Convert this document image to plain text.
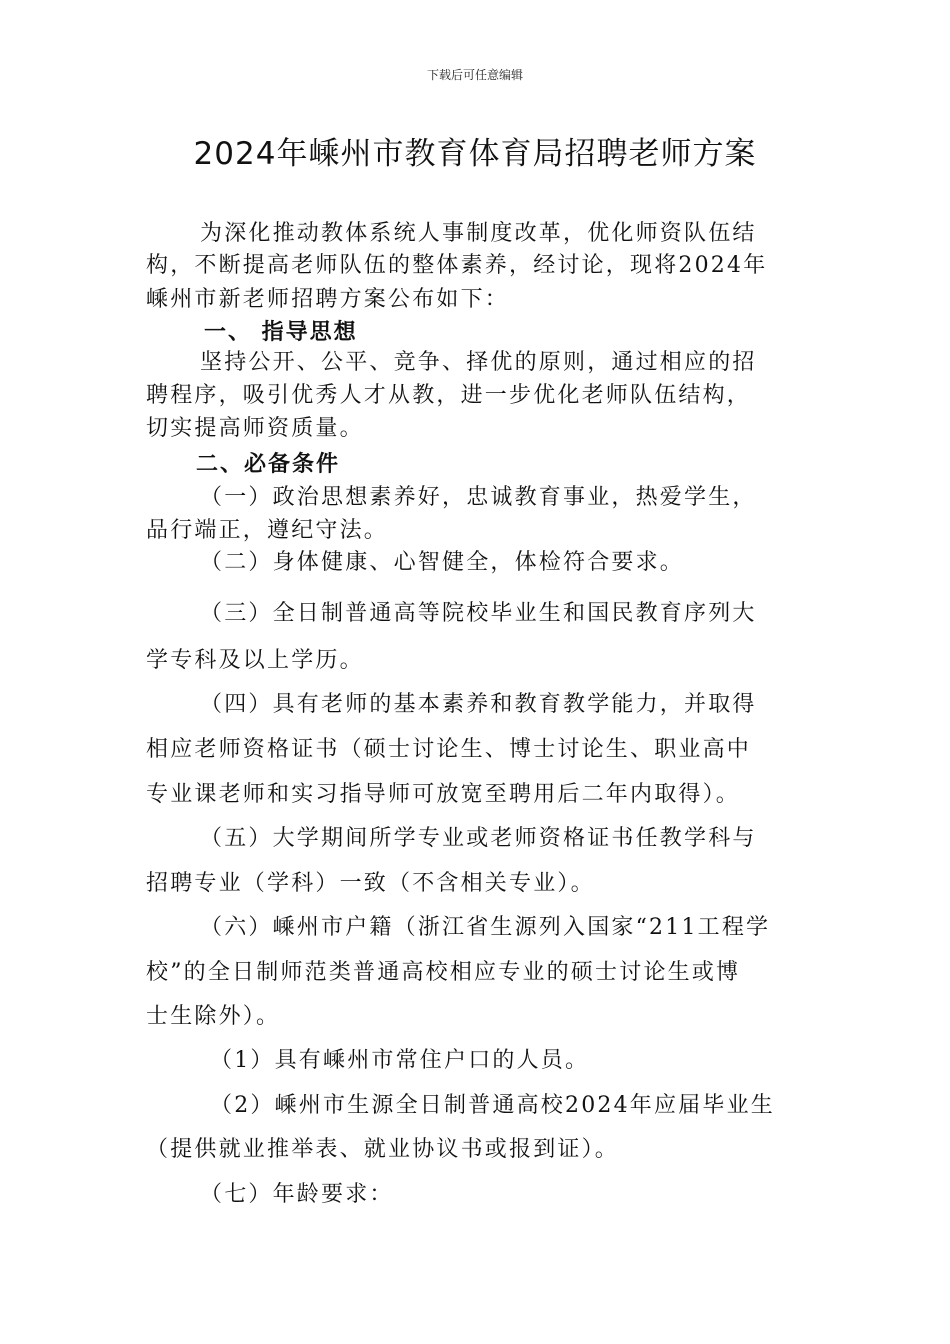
下载后可任意编辑
2024年嵊州市教育体育局招聘老师方案

为深化推动教体系统人事制度改革，优化师资队伍结

构，不断提高老师队伍的整体素养，经讨论，现将2024年

嵊州市新老师招聘方案公布如下：

一、 指导思想

坚持公开、公平、竞争、择优的原则，通过相应的招

聘程序，吸引优秀人才从教，进一步优化老师队伍结构，

切实提高师资质量。

二、必备条件

（一）政治思想素养好，忠诚教育事业，热爱学生，

品行端正，遵纪守法。

（二）身体健康、心智健全，体检符合要求。

（三）全日制普通高等院校毕业生和国民教育序列大

学专科及以上学历。

（四）具有老师的基本素养和教育教学能力，并取得

相应老师资格证书（硕士讨论生、博士讨论生、职业高中

专业课老师和实习指导师可放宽至聘用后二年内取得）。

（五）大学期间所学专业或老师资格证书任教学科与

招聘专业（学科）一致（不含相关专业）。

（六）嵊州市户籍（浙江省生源列入国家“211工程学

校”的全日制师范类普通高校相应专业的硕士讨论生或博

士生除外）。

（1）具有嵊州市常住户口的人员。

（2）嵊州市生源全日制普通高校2024年应届毕业生

（提供就业推举表、就业协议书或报到证）。

（七）年龄要求：
